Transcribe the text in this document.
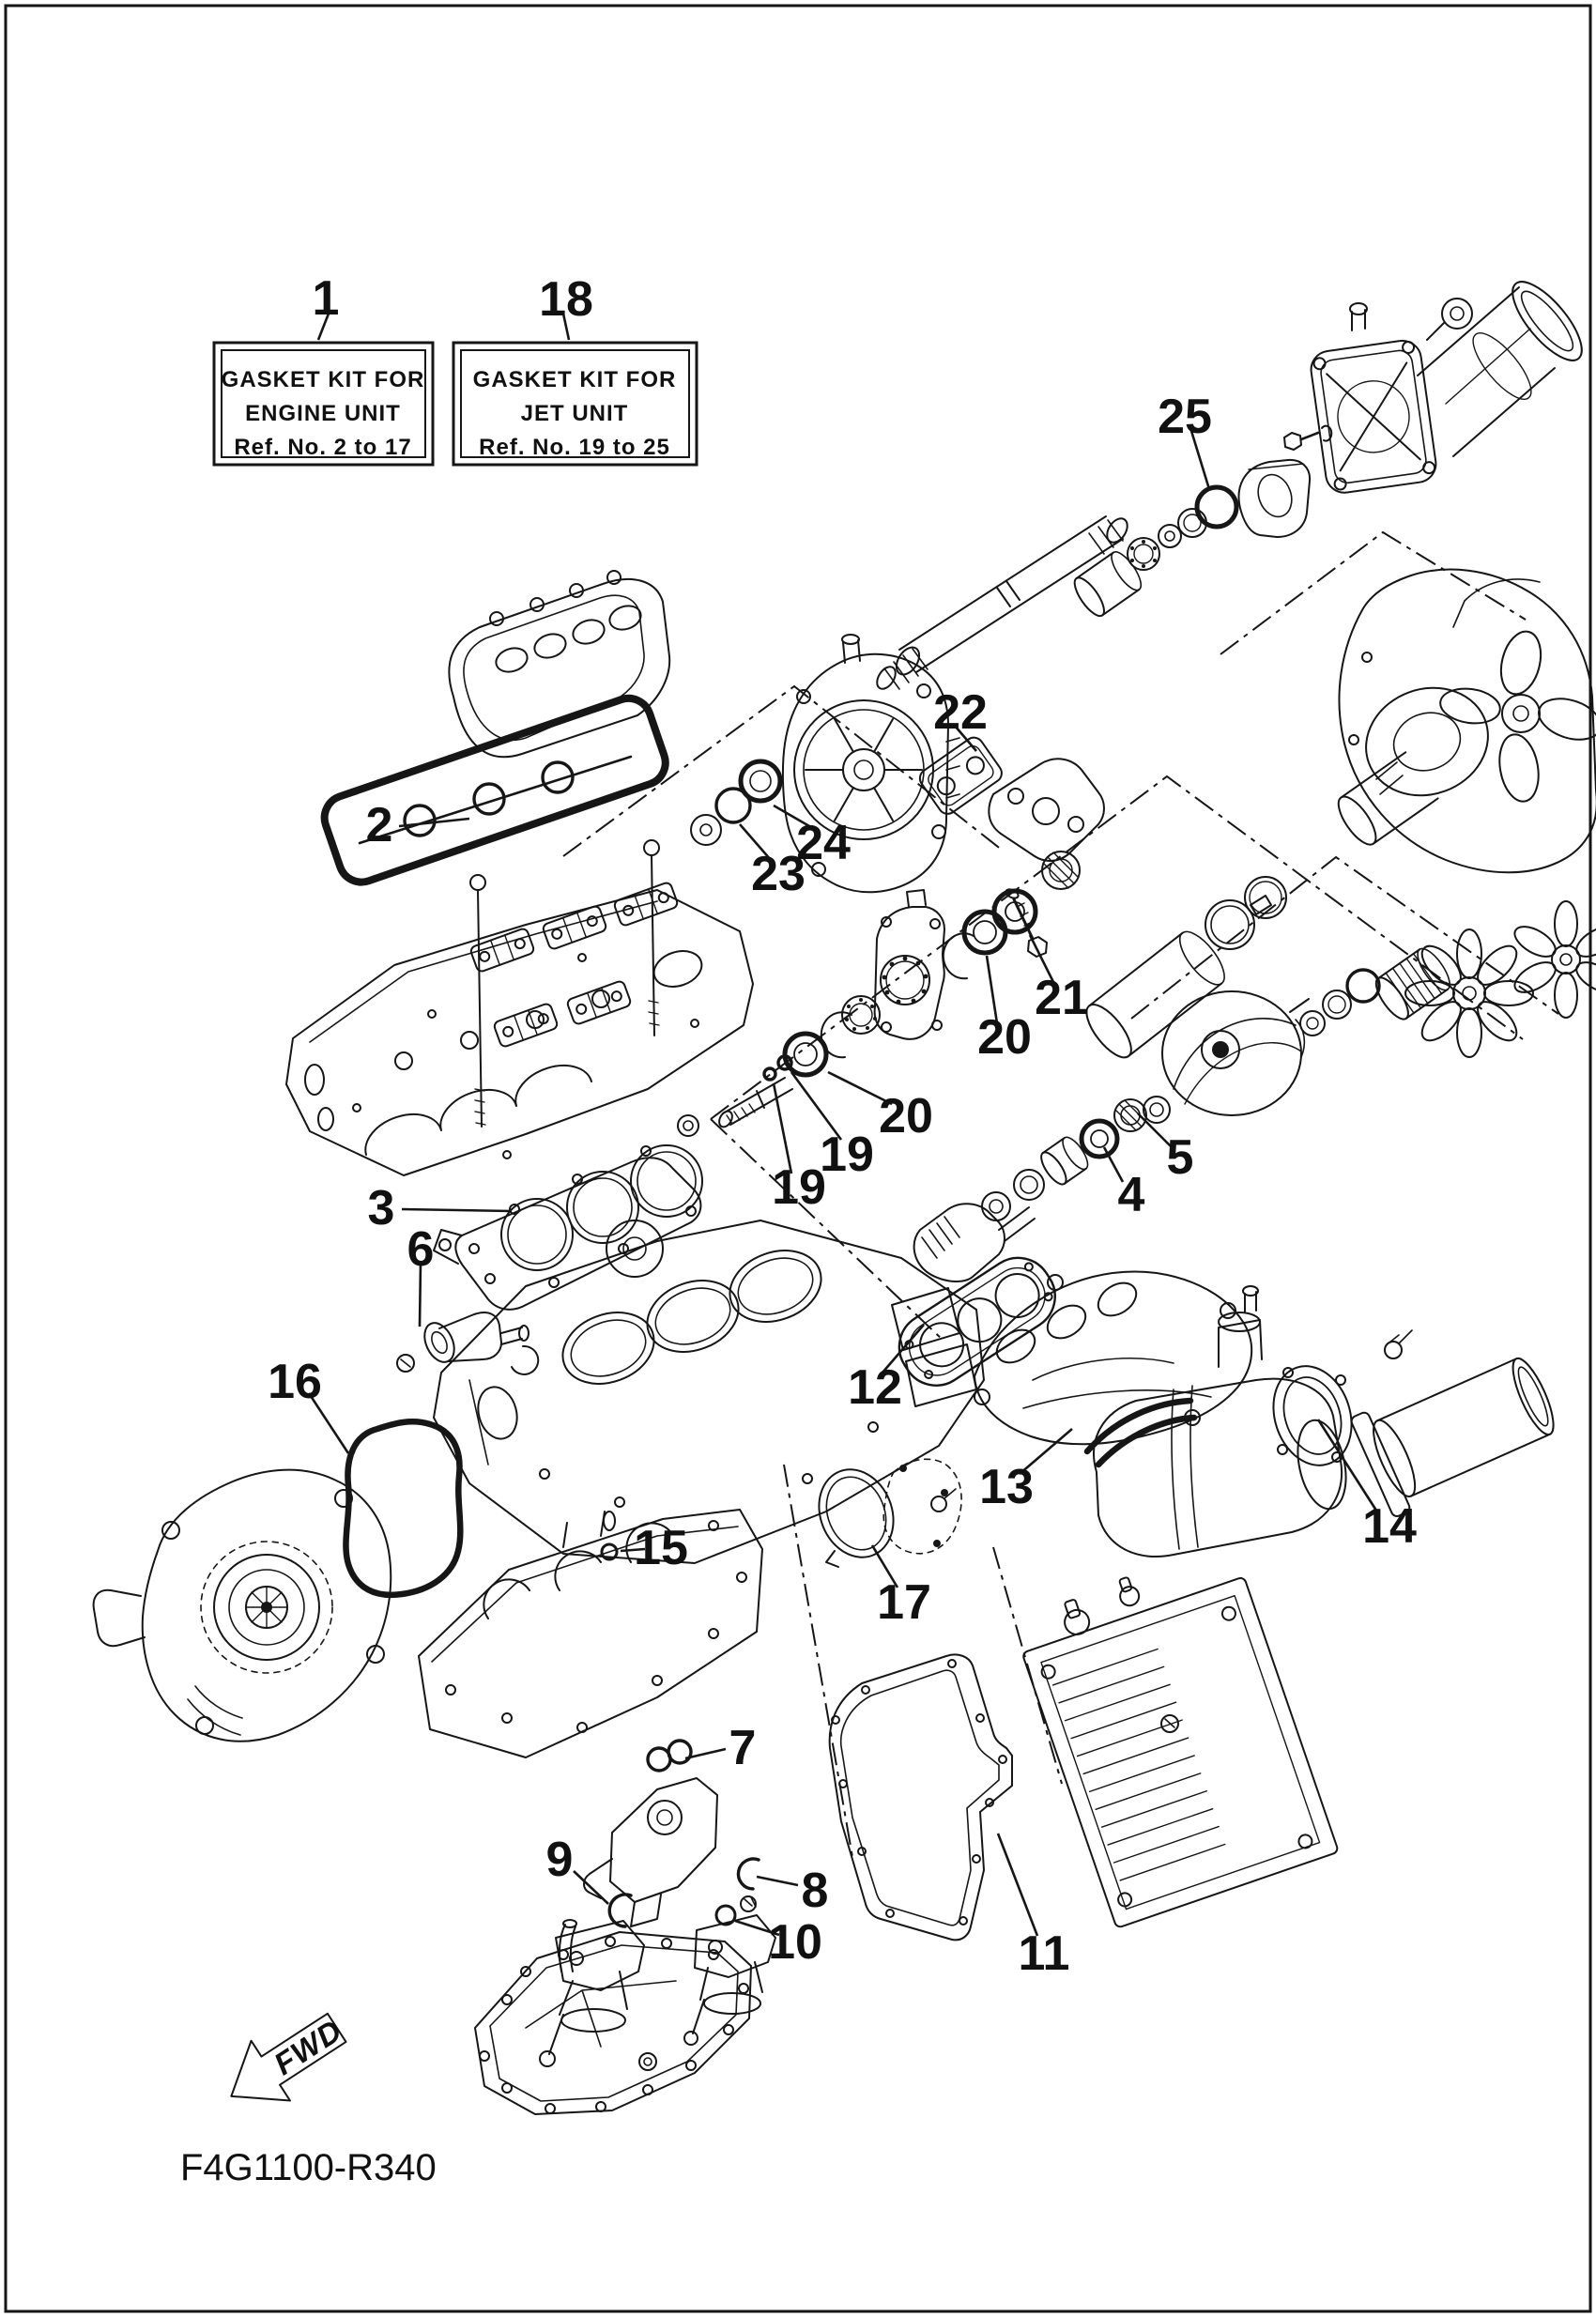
GASKET KIT FOR
ENGINE UNIT
Ref. No. 2 to 17
GASKET KIT FOR
JET UNIT
Ref. No. 19 to 25
1	18
25
2
22
24
23
21
20
20
19
19
5
4
3
6
16	12
13
14
15
17
7
9
8
10	11
FWD
F4G1100-R340
